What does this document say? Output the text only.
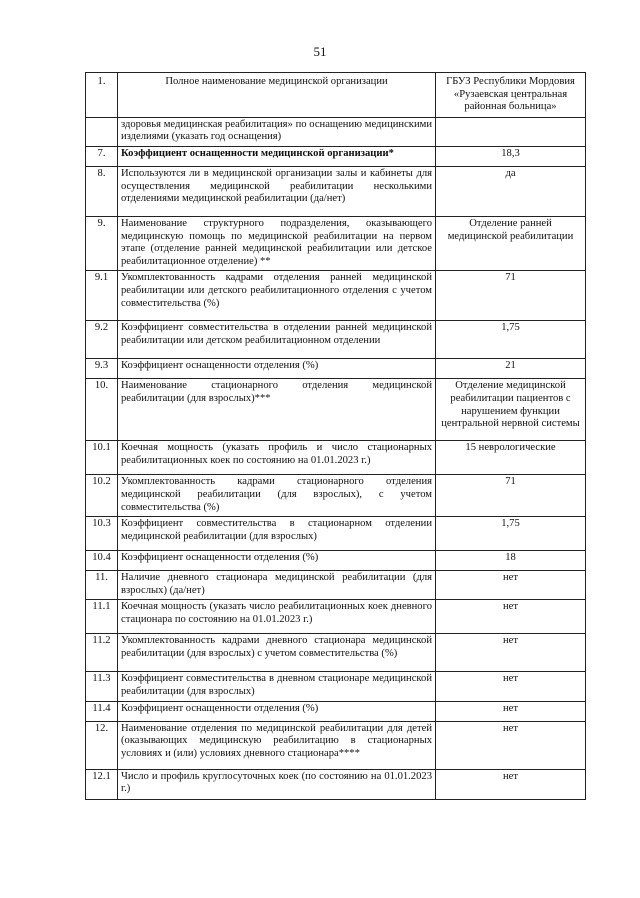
51
1.	Полное наименование медицинской организации	ГБУЗ Республики Мордовия «Рузаевская центральная районная больница»
	здоровья медицинская реабилитация» по оснащению медицинскими изделиями (указать год оснащения)	
7.	Коэффициент оснащенности медицинской организации*	18,3
8.	Используются ли в медицинской организации залы и кабинеты для осуществления медицинской реабилитации несколькими отделениями медицинской реабилитации (да/нет)	да
9.	Наименование структурного подразделения, оказывающего медицинскую помощь по медицинской реабилитации на первом этапе (отделение ранней медицинской реабилитации или детское реабилитационное отделение) **	Отделение ранней медицинской реабилитации
9.1	Укомплектованность кадрами отделения ранней медицинской реабилитации или детского реабилитационного отделения с учетом совместительства (%)	71
9.2	Коэффициент совместительства в отделении ранней медицинской реабилитации или детском реабилитационном отделении	1,75
9.3	Коэффициент оснащенности отделения (%)	21
10.	Наименование стационарного отделения медицинской реабилитации (для взрослых)***	Отделение медицинской реабилитации пациентов с нарушением функции центральной нервной системы
10.1	Коечная мощность (указать профиль и число стационарных реабилитационных коек по состоянию на 01.01.2023 г.)	15 неврологические
10.2	Укомплектованность кадрами стационарного отделения медицинской реабилитации (для взрослых), с учетом совместительства (%)	71
10.3	Коэффициент совместительства в стационарном отделении медицинской реабилитации (для взрослых)	1,75
10.4	Коэффициент оснащенности отделения (%)	18
11.	Наличие дневного стационара медицинской реабилитации (для взрослых) (да/нет)	нет
11.1	Коечная мощность (указать число реабилитационных коек дневного стационара по состоянию на 01.01.2023 г.)	нет
11.2	Укомплектованность кадрами дневного стационара медицинской реабилитации (для взрослых) с учетом совместительства (%)	нет
11.3	Коэффициент совместительства в дневном стационаре медицинской реабилитации (для взрослых)	нет
11.4	Коэффициент оснащенности отделения (%)	нет
12.	Наименование отделения по медицинской реабилитации для детей (оказывающих медицинскую реабилитацию в стационарных условиях и (или) условиях дневного стационара****	нет
12.1	Число и профиль круглосуточных коек (по состоянию на 01.01.2023 г.)	нет
